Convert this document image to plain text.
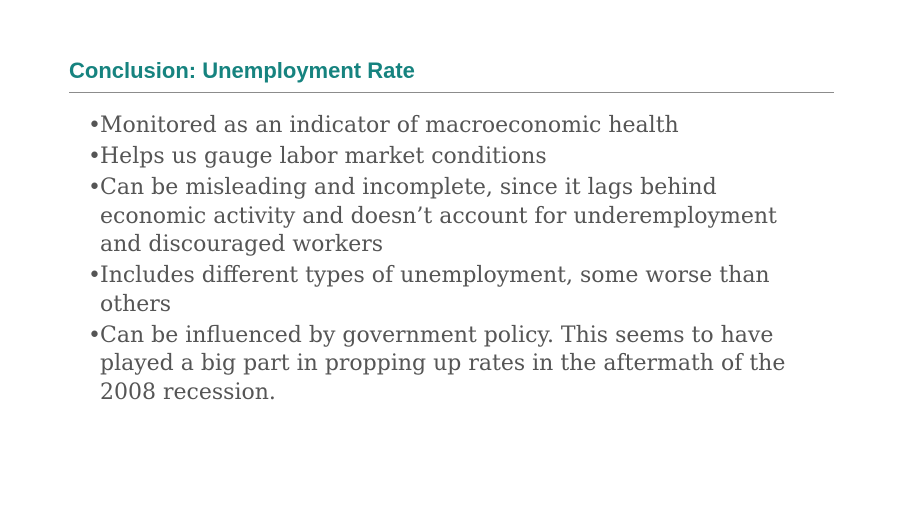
Conclusion: Unemployment Rate
• Monitored as an indicator of macroeconomic health
• Helps us gauge labor market conditions
• Can be misleading and incomplete, since it lags behind economic activity and doesn’t account for underemployment and discouraged workers
• Includes different types of unemployment, some worse than others
• Can be influenced by government policy. This seems to have played a big part in propping up rates in the aftermath of the 2008 recession.
